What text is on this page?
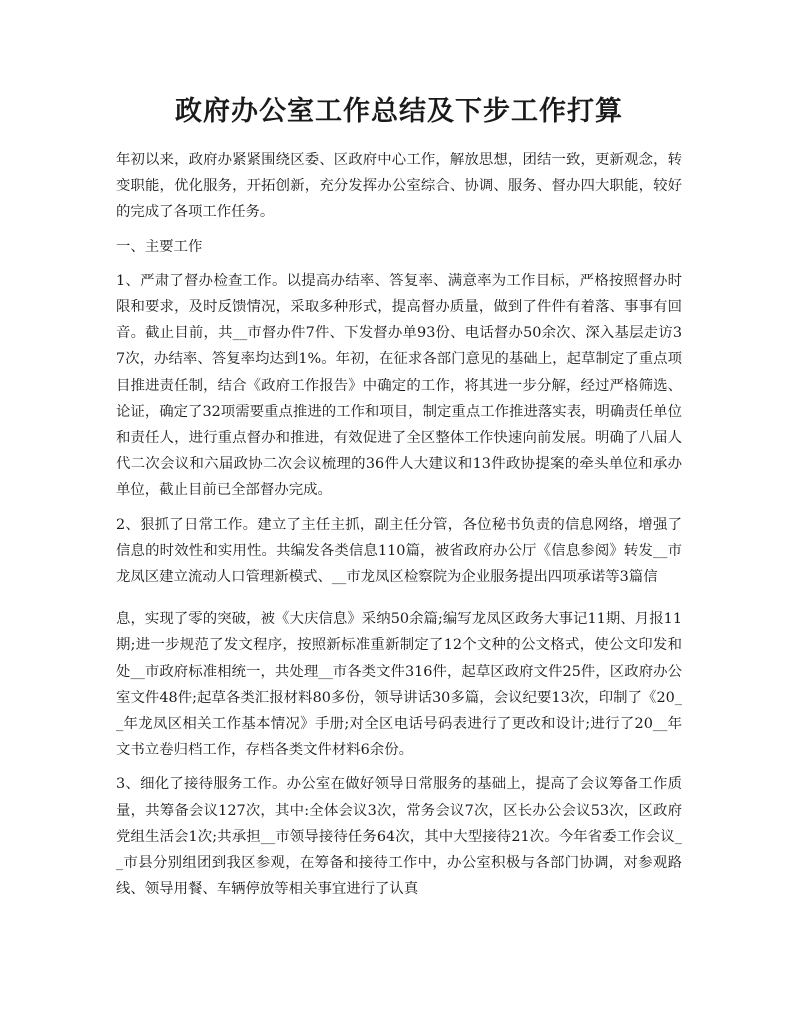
政府办公室工作总结及下步工作打算

年初以来，政府办紧紧围绕区委、区政府中心工作，解放思想，团结一致，更新观念，转变职能，优化服务，开拓创新，充分发挥办公室综合、协调、服务、督办四大职能，较好的完成了各项工作任务。

一、主要工作

1、严肃了督办检查工作。以提高办结率、答复率、满意率为工作目标，严格按照督办时限和要求，及时反馈情况，采取多种形式，提高督办质量，做到了件件有着落、事事有回音。截止目前，共__市督办件7件、下发督办单93份、电话督办50余次、深入基层走访37次，办结率、答复率均达到1%。年初，在征求各部门意见的基础上，起草制定了重点项目推进责任制，结合《政府工作报告》中确定的工作，将其进一步分解，经过严格筛选、论证，确定了32项需要重点推进的工作和项目，制定重点工作推进落实表，明确责任单位和责任人，进行重点督办和推进，有效促进了全区整体工作快速向前发展。明确了八届人代二次会议和六届政协二次会议梳理的36件人大建议和13件政协提案的牵头单位和承办单位，截止目前已全部督办完成。

2、狠抓了日常工作。建立了主任主抓，副主任分管，各位秘书负责的信息网络，增强了信息的时效性和实用性。共编发各类信息110篇，被省政府办公厅《信息参阅》转发__市龙凤区建立流动人口管理新模式、__市龙凤区检察院为企业服务提出四项承诺等3篇信

息，实现了零的突破，被《大庆信息》采纳50余篇;编写龙凤区政务大事记11期、月报11期;进一步规范了发文程序，按照新标准重新制定了12个文种的公文格式，使公文印发和处__市政府标准相统一，共处理__市各类文件316件，起草区政府文件25件，区政府办公室文件48件;起草各类汇报材料80多份，领导讲话30多篇，会议纪要13次，印制了《20__年龙凤区相关工作基本情况》手册;对全区电话号码表进行了更改和设计;进行了20__年文书立卷归档工作，存档各类文件材料6余份。

3、细化了接待服务工作。办公室在做好领导日常服务的基础上，提高了会议筹备工作质量，共筹备会议127次，其中:全体会议3次，常务会议7次，区长办公会议53次，区政府党组生活会1次;共承担__市领导接待任务64次，其中大型接待21次。今年省委工作会议__市县分别组团到我区参观，在筹备和接待工作中，办公室积极与各部门协调，对参观路线、领导用餐、车辆停放等相关事宜进行了认真
